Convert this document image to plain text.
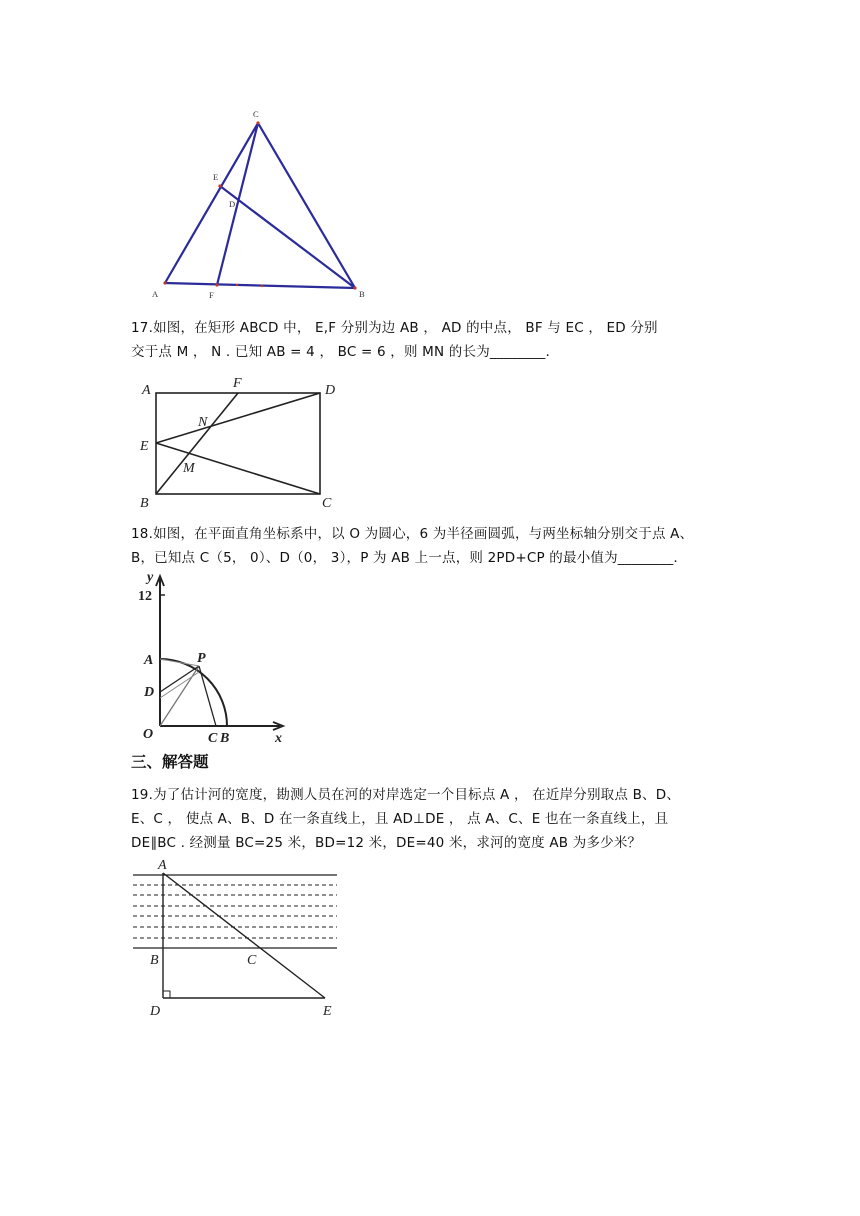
C
E
D
A	F	B
17.如图，在矩形 ABCD 中， E,F 分别为边 AB ， AD 的中点， BF 与 EC ， ED 分别
交于点 M ， N . 已知 AB = 4 ， BC = 6 ，则 MN 的长为________.
A	F	D
N
E
M
B	C
18.如图，在平面直角坐标系中，以 O 为圆心，6 为半径画圆弧，与两坐标轴分别交于点 A、
B，已知点 C（5， 0）、D（0， 3），P 为 AB 上一点，则 2PD+CP 的最小值为________.
y
12
A	P
D
O	C B	x
三、解答题
19.为了估计河的宽度，勘测人员在河的对岸选定一个目标点 A ， 在近岸分别取点 B、D、
E、C ， 使点 A、B、D 在一条直线上，且 AD⊥DE ， 点 A、C、E 也在一条直线上，且
DE∥BC . 经测量 BC=25 米，BD=12 米，DE=40 米，求河的宽度 AB 为多少米？
A
B	C
D	E
